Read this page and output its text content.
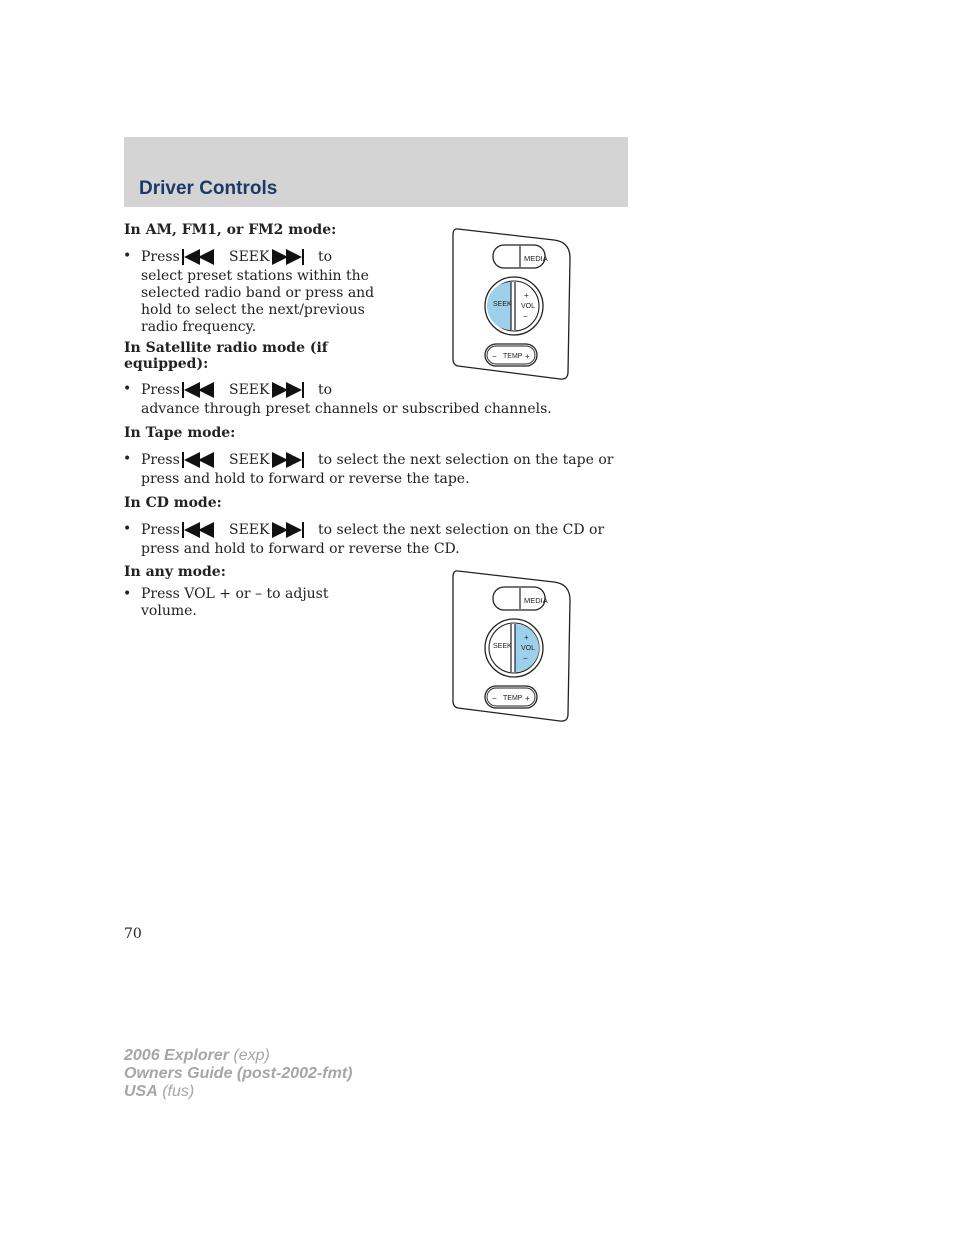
Driver Controls
In AM, FM1, or FM2 mode:
• Press	SEEK	to
select preset stations within the
selected radio band or press and
hold to select the next/previous
radio frequency.
In Satellite radio mode (if
equipped):
• Press	SEEK	to
advance through preset channels or subscribed channels.
In Tape mode:
• Press	SEEK	to select the next selection on the tape or
press and hold to forward or reverse the tape.
In CD mode:
• Press	SEEK	to select the next selection on the CD or
press and hold to forward or reverse the CD.
In any mode:
• Press VOL + or – to adjust
volume.
MEDIA
SEEK VOL
+
−
− TEMP +
MEDIA
SEEK VOL
+
−
− TEMP +
70
2006 Explorer (exp)
Owners Guide (post-2002-fmt)
USA (fus)
